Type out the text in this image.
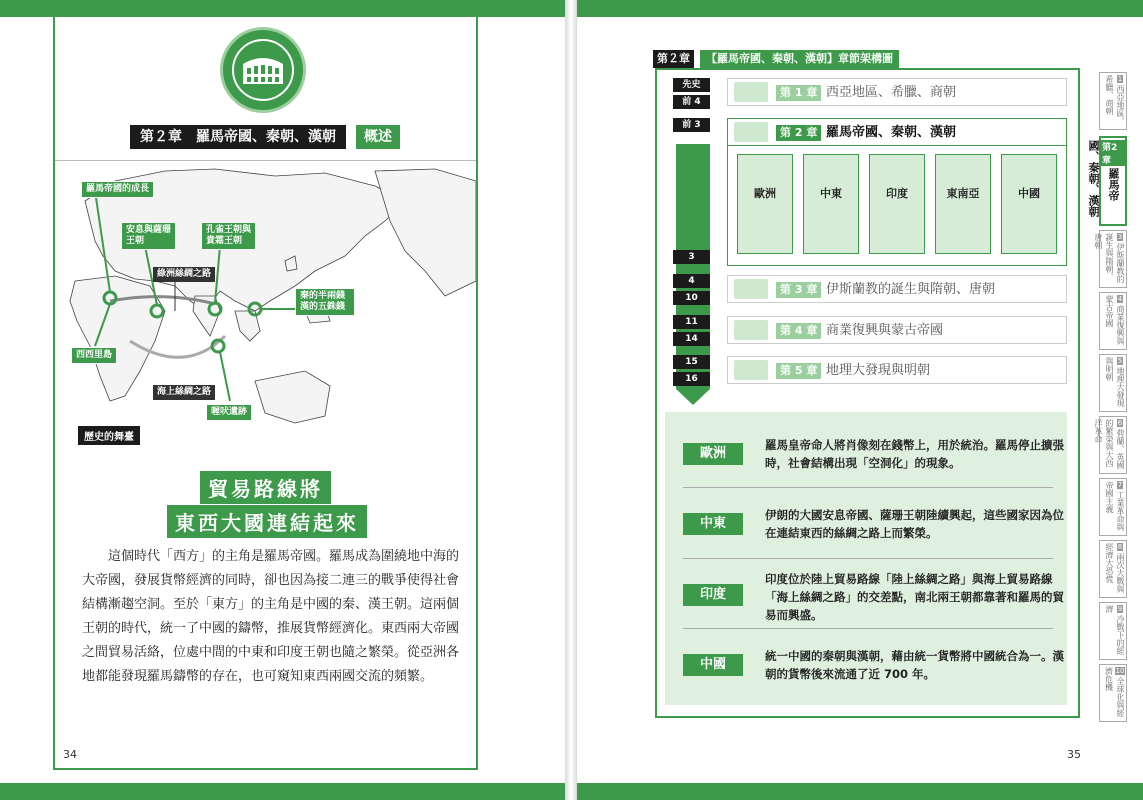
第２章　羅馬帝國、秦朝、漢朝	概述
羅馬帝國的成長
安息與薩珊王朝
孔雀王朝與貴霜王朝
綠洲絲綢之路
秦的半兩錢漢的五銖錢
西西里島
海上絲綢之路
喔吠遺跡
歷史的舞臺
貿易路線將
東西大國連結起來
這個時代「西方」的主角是羅馬帝國。羅馬成為圍繞地中海的大帝國，發展貨幣經濟的同時，卻也因為接二連三的戰爭使得社會結構漸趨空洞。至於「東方」的主角是中國的秦、漢王朝。這兩個王朝的時代，統一了中國的鑄幣，推展貨幣經濟化。東西兩大帝國之間貿易活絡，位處中間的中東和印度王朝也隨之繁榮。從亞洲各地都能發現羅馬鑄幣的存在，也可窺知東西兩國交流的頻繁。
34
第２章	【羅馬帝國、秦朝、漢朝】章節架構圖
先史
前 4
前 3
3
4
10
11
14
15
16
第 1 章 西亞地區、希臘、商朝
第 2 章 羅馬帝國、秦朝、漢朝
歐洲	中東	印度	東南亞	中國
第 3 章 伊斯蘭教的誕生與隋朝、唐朝
第 4 章 商業復興與蒙古帝國
第 5 章 地理大發現與明朝
歐洲
羅馬皇帝命人將肖像刻在錢幣上，用於統治。羅馬停止擴張時，社會結構出現「空洞化」的現象。
中東
伊朗的大國安息帝國、薩珊王朝陸續興起，這些國家因為位在連結東西的絲綢之路上而繁榮。
印度
印度位於陸上貿易路線「陸上絲綢之路」與海上貿易路線「海上絲綢之路」的交差點，南北兩王朝都靠著和羅馬的貿易而興盛。
中國
統一中國的秦朝與漢朝，藉由統一貨幣將中國統合為一。漢朝的貨幣後來流通了近 700 年。
35
1西亞地區、希臘、商朝
第2章羅馬帝國、秦朝、漢朝
3伊斯蘭教的誕生與隋朝、唐朝
4商業復興與蒙古帝國
5地理大發現與明朝
6荷蘭、英國的繁榮與大西洋革命
7工業革命與帝國主義
8兩次大戰與經濟大恐慌
9冷戰下的經濟
10全球化與經濟危機
